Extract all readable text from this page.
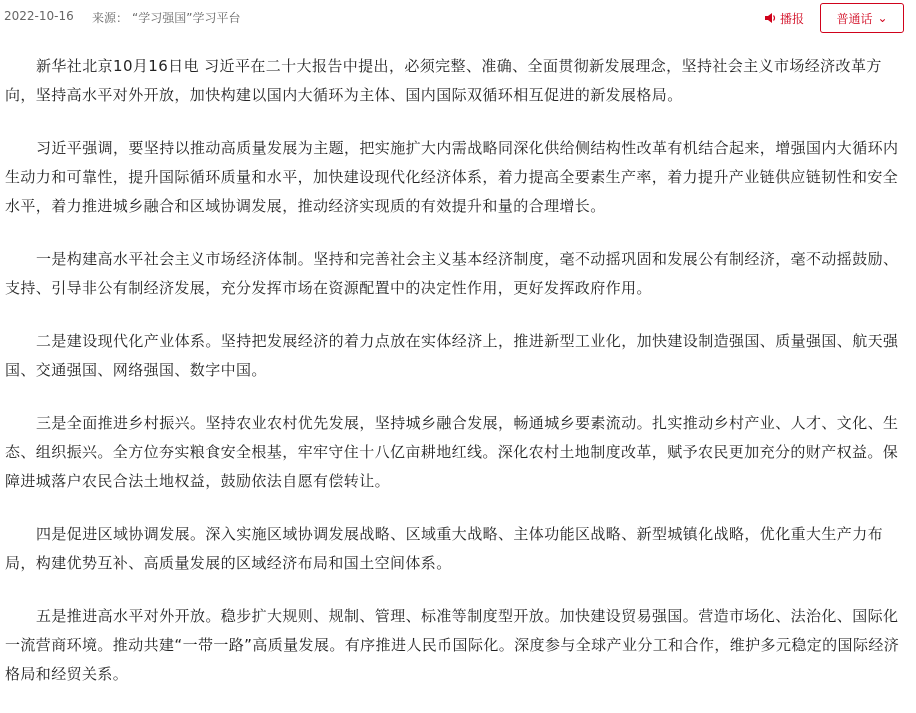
2022-10-16 来源： “学习强国”学习平台	播报	普通话 ⌄

新华社北京10月16日电 习近平在二十大报告中提出，必须完整、准确、全面贯彻新发展理念，坚持社会主义市场经济改革方向，坚持高水平对外开放，加快构建以国内大循环为主体、国内国际双循环相互促进的新发展格局。

习近平强调，要坚持以推动高质量发展为主题，把实施扩大内需战略同深化供给侧结构性改革有机结合起来，增强国内大循环内生动力和可靠性，提升国际循环质量和水平，加快建设现代化经济体系，着力提高全要素生产率，着力提升产业链供应链韧性和安全水平，着力推进城乡融合和区域协调发展，推动经济实现质的有效提升和量的合理增长。

一是构建高水平社会主义市场经济体制。坚持和完善社会主义基本经济制度，毫不动摇巩固和发展公有制经济，毫不动摇鼓励、支持、引导非公有制经济发展，充分发挥市场在资源配置中的决定性作用，更好发挥政府作用。

二是建设现代化产业体系。坚持把发展经济的着力点放在实体经济上，推进新型工业化，加快建设制造强国、质量强国、航天强国、交通强国、网络强国、数字中国。

三是全面推进乡村振兴。坚持农业农村优先发展，坚持城乡融合发展，畅通城乡要素流动。扎实推动乡村产业、人才、文化、生态、组织振兴。全方位夯实粮食安全根基，牢牢守住十八亿亩耕地红线。深化农村土地制度改革，赋予农民更加充分的财产权益。保障进城落户农民合法土地权益，鼓励依法自愿有偿转让。

四是促进区域协调发展。深入实施区域协调发展战略、区域重大战略、主体功能区战略、新型城镇化战略，优化重大生产力布局，构建优势互补、高质量发展的区域经济布局和国土空间体系。

五是推进高水平对外开放。稳步扩大规则、规制、管理、标准等制度型开放。加快建设贸易强国。营造市场化、法治化、国际化一流营商环境。推动共建“一带一路”高质量发展。有序推进人民币国际化。深度参与全球产业分工和合作，维护多元稳定的国际经济格局和经贸关系。
